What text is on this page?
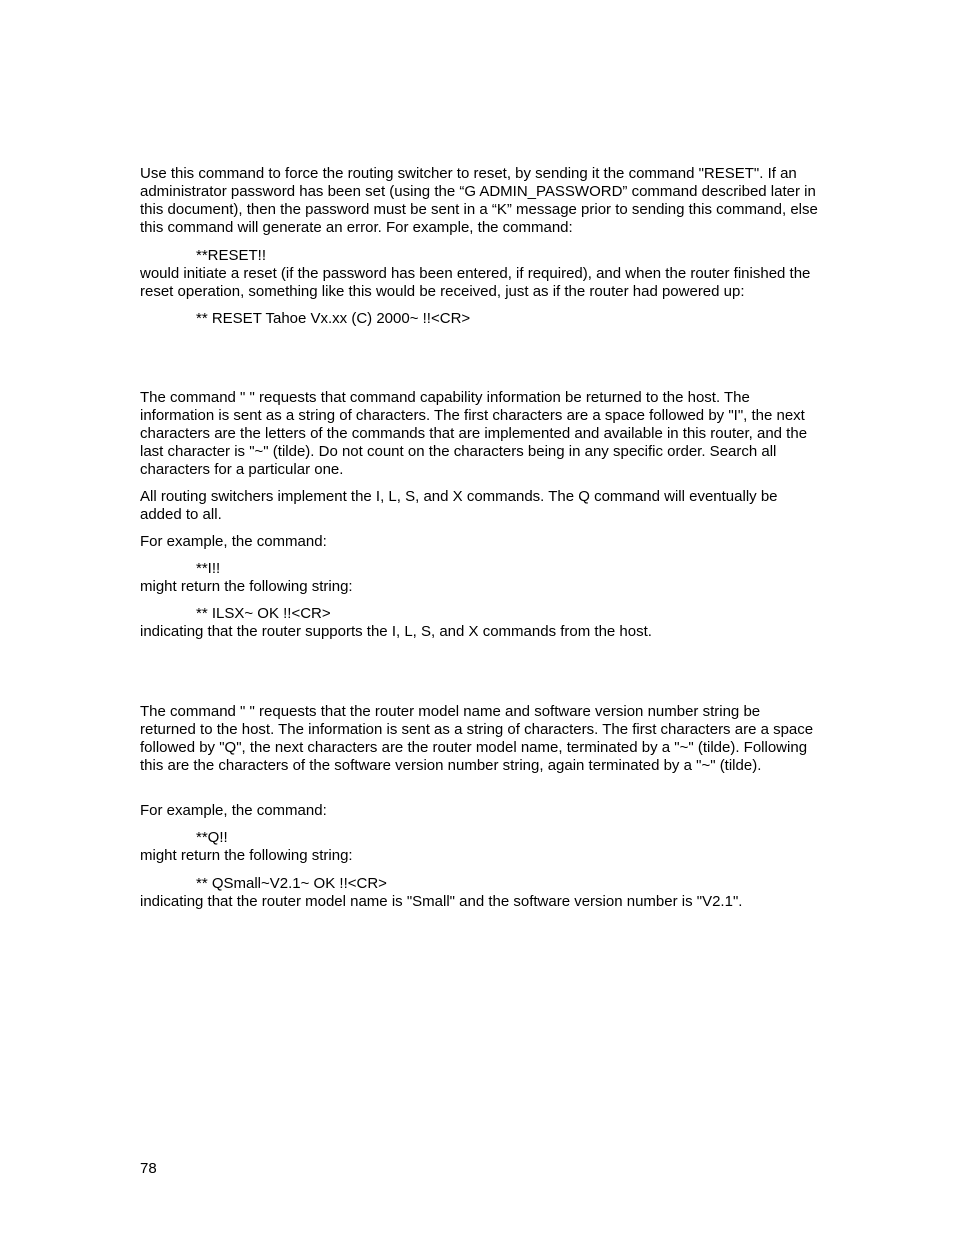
Use this command to force the routing switcher to reset, by sending it the command "RESET". If an administrator password has been set (using the “G ADMIN_PASSWORD” command described later in this document), then the password must be sent in a “K” message prior to sending this command, else this command will generate an error. For example, the command:

**RESET!!

would initiate a reset (if the password has been entered, if required), and when the router finished the reset operation, something like this would be received, just as if the router had powered up:

** RESET Tahoe Vx.xx (C) 2000~ !!<CR>

The command " " requests that command capability information be returned to the host. The information is sent as a string of characters. The first characters are a space followed by "I", the next characters are the letters of the commands that are implemented and available in this router, and the last character is "~" (tilde). Do not count on the characters being in any specific order. Search all characters for a particular one.

All routing switchers implement the I, L, S, and X commands. The Q command will eventually be added to all.

For example, the command:

**I!!

might return the following string:

** ILSX~ OK !!<CR>

indicating that the router supports the I, L, S, and X commands from the host.

The command " " requests that the router model name and software version number string be returned to the host. The information is sent as a string of characters. The first characters are a space followed by "Q", the next characters are the router model name, terminated by a "~" (tilde). Following this are the characters of the software version number string, again terminated by a "~" (tilde).

For example, the command:

**Q!!

might return the following string:

** QSmall~V2.1~ OK !!<CR>

indicating that the router model name is "Small" and the software version number is "V2.1".

78
